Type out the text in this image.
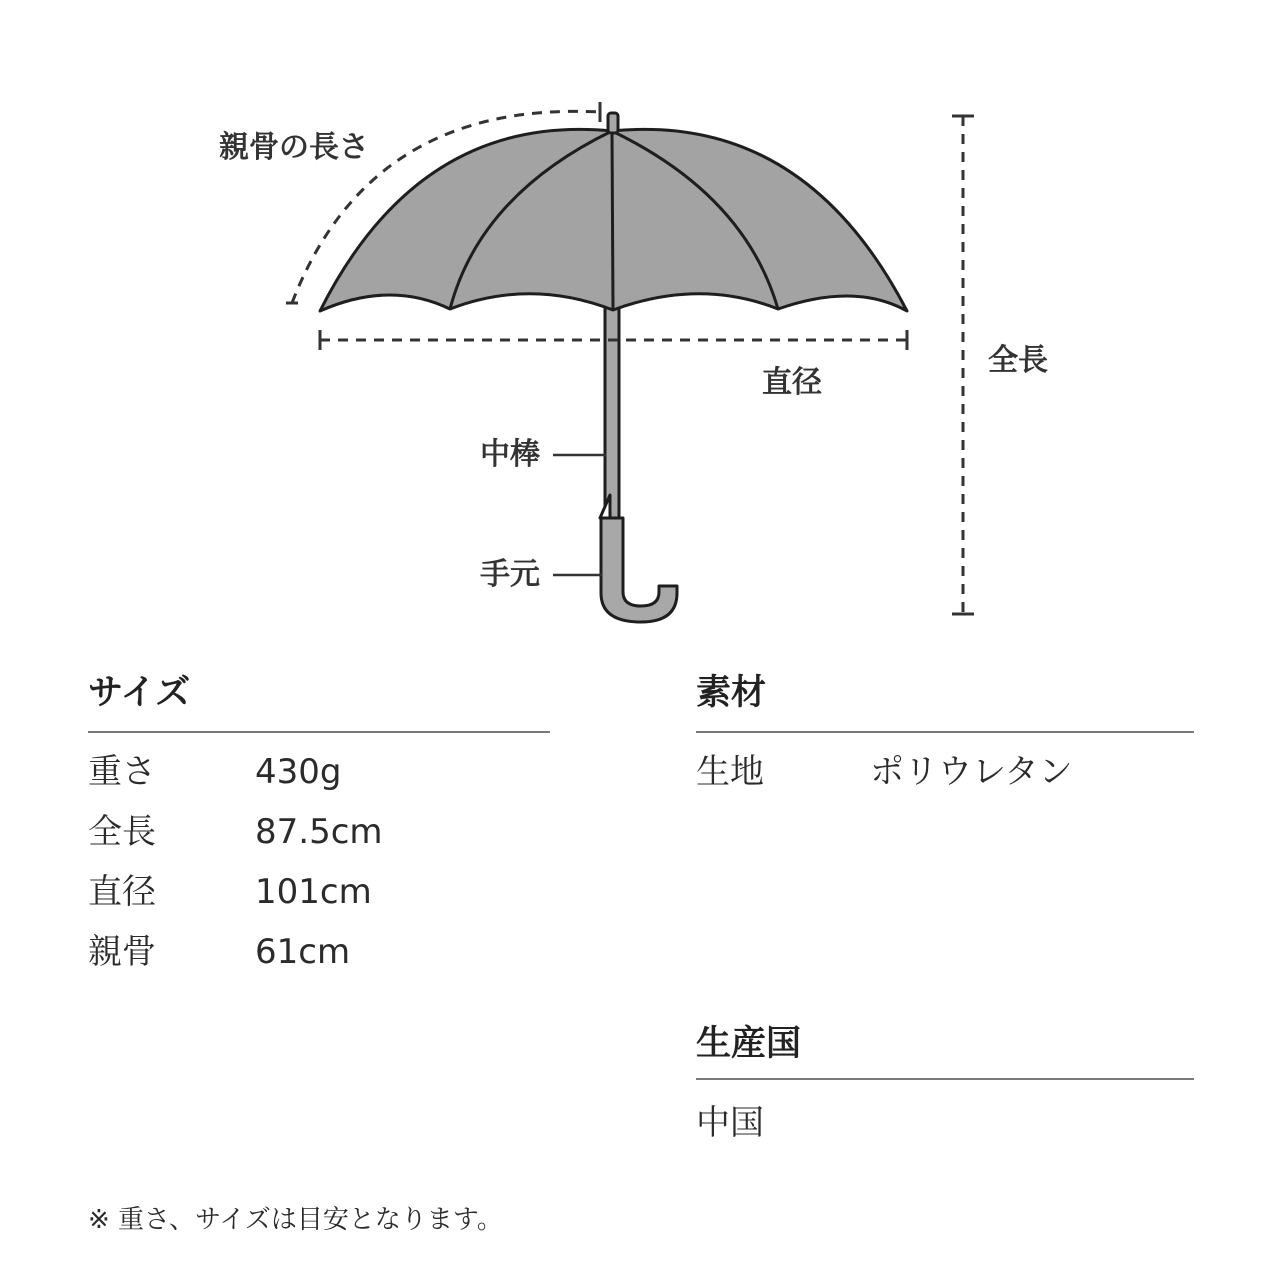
親骨の長さ
直径
全長
中棒
手元
サイズ
重さ	430g
全長	87.5cm
直径	101cm
親骨	61cm
素材
生地	ポリウレタン
生産国
中国
※ 重さ、サイズは目安となります。
